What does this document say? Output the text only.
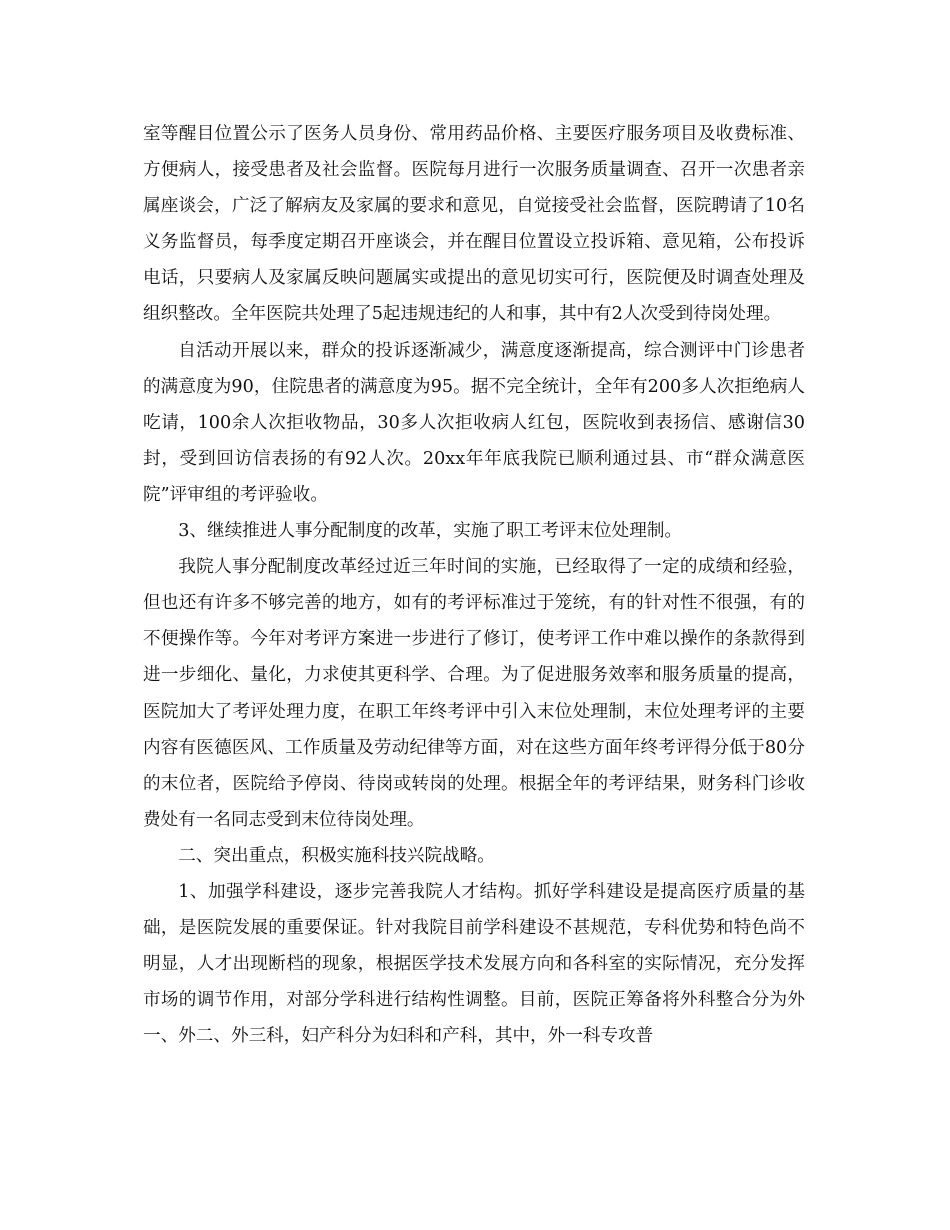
室等醒目位置公示了医务人员身份、常用药品价格、主要医疗服务项目及收费标准、方便病人，接受患者及社会监督。医院每月进行一次服务质量调查、召开一次患者亲属座谈会，广泛了解病友及家属的要求和意见，自觉接受社会监督，医院聘请了10名义务监督员，每季度定期召开座谈会，并在醒目位置设立投诉箱、意见箱，公布投诉电话，只要病人及家属反映问题属实或提出的意见切实可行，医院便及时调查处理及组织整改。全年医院共处理了5起违规违纪的人和事，其中有2人次受到待岗处理。

自活动开展以来，群众的投诉逐渐减少，满意度逐渐提高，综合测评中门诊患者的满意度为90，住院患者的满意度为95。据不完全统计，全年有200多人次拒绝病人吃请，100余人次拒收物品，30多人次拒收病人红包，医院收到表扬信、感谢信30封，受到回访信表扬的有92人次。20xx年年底我院已顺利通过县、市“群众满意医院”评审组的考评验收。

3、继续推进人事分配制度的改革，实施了职工考评末位处理制。

我院人事分配制度改革经过近三年时间的实施，已经取得了一定的成绩和经验，但也还有许多不够完善的地方，如有的考评标准过于笼统，有的针对性不很强，有的不便操作等。今年对考评方案进一步进行了修订，使考评工作中难以操作的条款得到进一步细化、量化，力求使其更科学、合理。为了促进服务效率和服务质量的提高，医院加大了考评处理力度，在职工年终考评中引入末位处理制，末位处理考评的主要内容有医德医风、工作质量及劳动纪律等方面，对在这些方面年终考评得分低于80分的末位者，医院给予停岗、待岗或转岗的处理。根据全年的考评结果，财务科门诊收费处有一名同志受到末位待岗处理。

二、突出重点，积极实施科技兴院战略。

1、加强学科建设，逐步完善我院人才结构。抓好学科建设是提高医疗质量的基础，是医院发展的重要保证。针对我院目前学科建设不甚规范，专科优势和特色尚不明显，人才出现断档的现象，根据医学技术发展方向和各科室的实际情况，充分发挥市场的调节作用，对部分学科进行结构性调整。目前，医院正筹备将外科整合分为外一、外二、外三科，妇产科分为妇科和产科，其中，外一科专攻普
